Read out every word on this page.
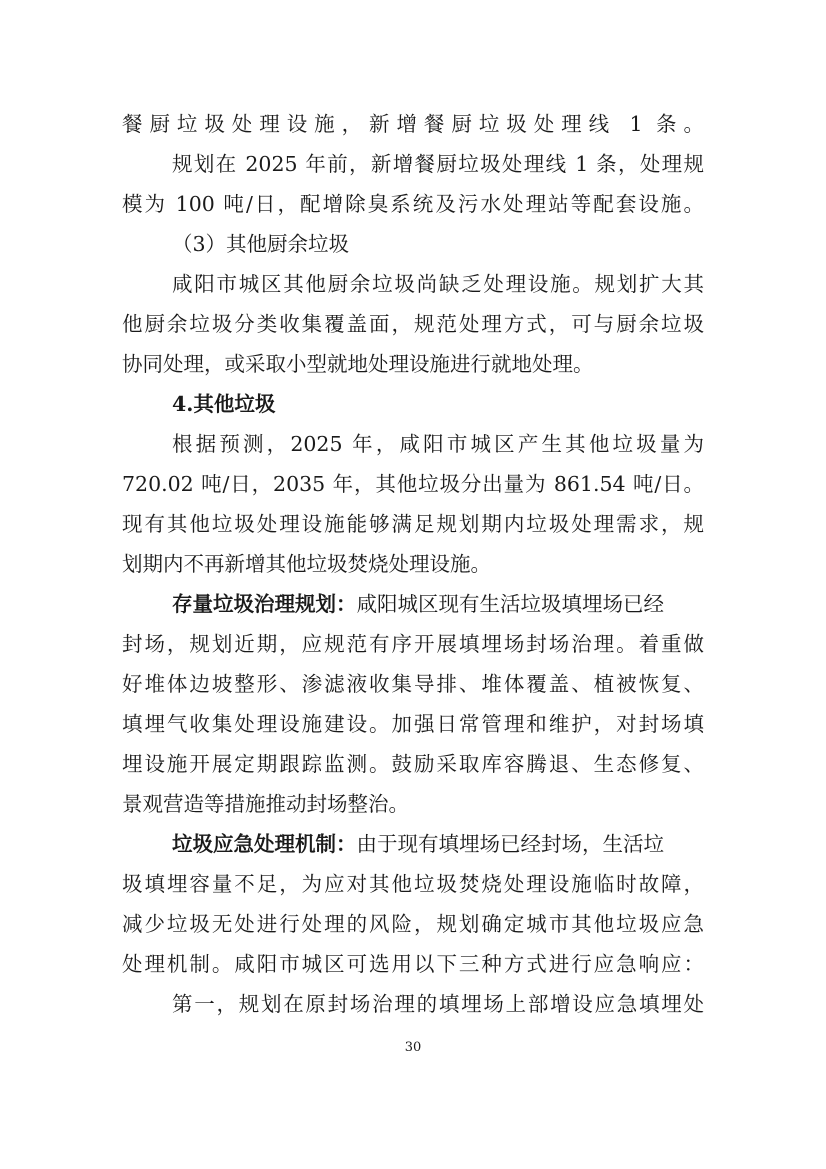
餐厨垃圾处理设施，新增餐厨垃圾处理线 1 条。
规划在 2025 年前，新增餐厨垃圾处理线 1 条，处理规
模为 100 吨/日，配增除臭系统及污水处理站等配套设施。
（3）其他厨余垃圾
咸阳市城区其他厨余垃圾尚缺乏处理设施。规划扩大其
他厨余垃圾分类收集覆盖面，规范处理方式，可与厨余垃圾
协同处理，或采取小型就地处理设施进行就地处理。
4.其他垃圾
根据预测，2025 年，咸阳市城区产生其他垃圾量为
720.02 吨/日，2035 年，其他垃圾分出量为 861.54 吨/日。
现有其他垃圾处理设施能够满足规划期内垃圾处理需求，规
划期内不再新增其他垃圾焚烧处理设施。
存量垃圾治理规划：咸阳城区现有生活垃圾填埋场已经
封场，规划近期，应规范有序开展填埋场封场治理。着重做
好堆体边坡整形、渗滤液收集导排、堆体覆盖、植被恢复、
填埋气收集处理设施建设。加强日常管理和维护，对封场填
埋设施开展定期跟踪监测。鼓励采取库容腾退、生态修复、
景观营造等措施推动封场整治。
垃圾应急处理机制：由于现有填埋场已经封场，生活垃
圾填埋容量不足，为应对其他垃圾焚烧处理设施临时故障，
减少垃圾无处进行处理的风险，规划确定城市其他垃圾应急
处理机制。咸阳市城区可选用以下三种方式进行应急响应：
第一，规划在原封场治理的填埋场上部增设应急填埋处
30
